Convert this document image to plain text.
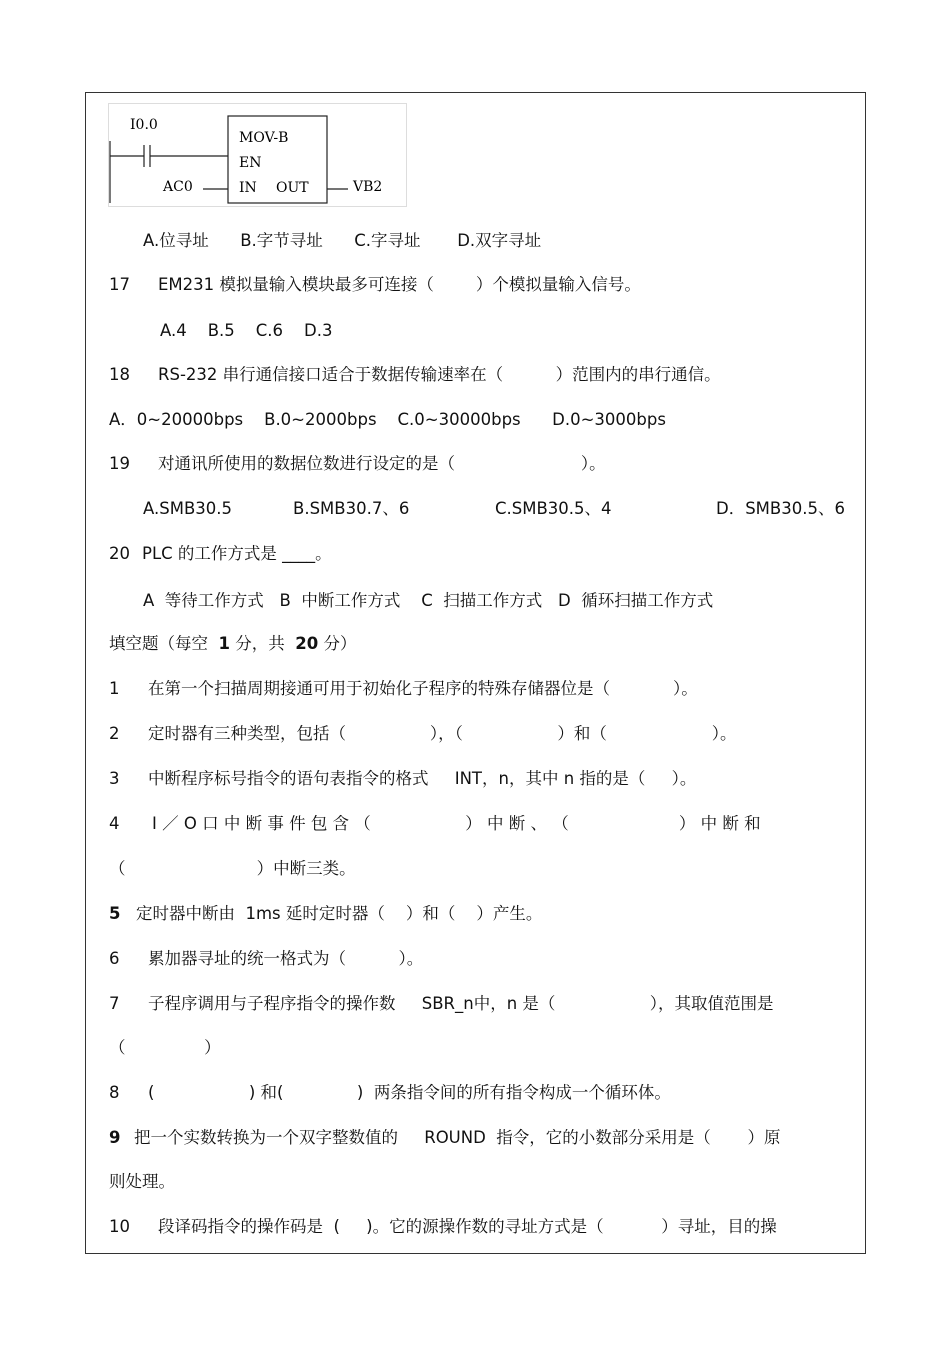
I0.0
MOV-B
EN
IN OUT
AC0	VB2
A.位寻址      B.字节寻址      C.字寻址       D.双字寻址
17 EM231 模拟量输入模块最多可连接（        ）个模拟量输入信号。
A.4    B.5    C.6    D.3
18 RS-232 串行通信接口适合于数据传输速率在（          ）范围内的串行通信。
A．0~20000bps    B.0~2000bps    C.0~30000bps      D.0~3000bps
19 对通讯所使用的数据位数进行设定的是（                        ）。
A.SMB30.5	B.SMB30.7、6	C.SMB30.5、4	D．SMB30.5、6
20 PLC 的工作方式是 ____。
A  等待工作方式   B  中断工作方式    C  扫描工作方式   D  循环扫描工作方式
填空题（每空  1 分，共  20 分）
1 在第一个扫描周期接通可用于初始化子程序的特殊存储器位是（            ）。
2 定时器有三种类型，包括（                ），（                  ）和（                    ）。
3 中断程序标号指令的语句表指令的格式     INT，n，其中 n 指的是（     ）。
4 I ／ O 口 中 断 事 件 包 含 （                  ） 中 断 、 （                     ） 中 断 和
（                         ）中断三类。
5 定时器中断由  1ms 延时定时器（    ）和（    ）产生。
6 累加器寻址的统一格式为（          ）。
7 子程序调用与子程序指令的操作数     SBR_n中，n 是（                  ），其取值范围是
（               ）
8 (                  ) 和(              )  两条指令间的所有指令构成一个循环体。
9 把一个实数转换为一个双字整数值的     ROUND  指令，它的小数部分采用是（       ）原
则处理。
10 段译码指令的操作码是  (     )。它的源操作数的寻址方式是（           ）寻址，目的操
